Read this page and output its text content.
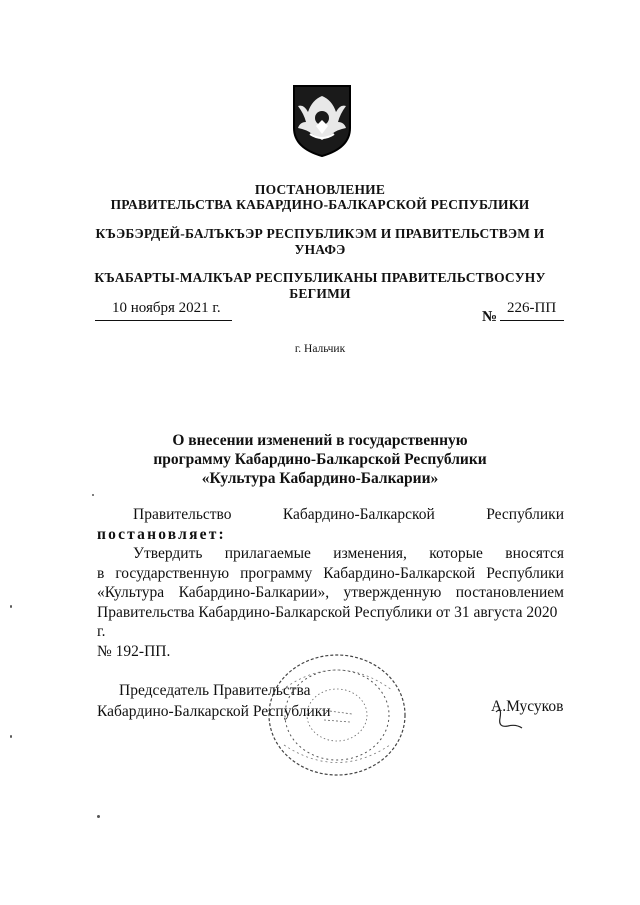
ПОСТАНОВЛЕНИЕ
ПРАВИТЕЛЬСТВА КАБАРДИНО-БАЛКАРСКОЙ РЕСПУБЛИКИ
КЪЭБЭРДЕЙ-БАЛЪКЪЭР РЕСПУБЛИКЭМ И ПРАВИТЕЛЬСТВЭМ И
УНАФЭ
КЪАБАРТЫ-МАЛКЪАР РЕСПУБЛИКАНЫ ПРАВИТЕЛЬСТВОСУНУ
БЕГИМИ
10 ноября 2021 г.
№
226-ПП
г. Нальчик
О внесении изменений в государственную
программу Кабардино-Балкарской Республики
«Культура Кабардино-Балкарии»
Правительство	Кабардино-Балкарской	Республики
постановляет:
Утвердить прилагаемые изменения, которые вносятся
в государственную программу Кабардино-Балкарской Республики
«Культура Кабардино-Балкарии», утвержденную постановлением
Правительства Кабардино-Балкарской Республики от 31 августа 2020 г.
№ 192-ПП.
Председатель Правительства
Кабардино-Балкарской Республики	А.Мусуков
